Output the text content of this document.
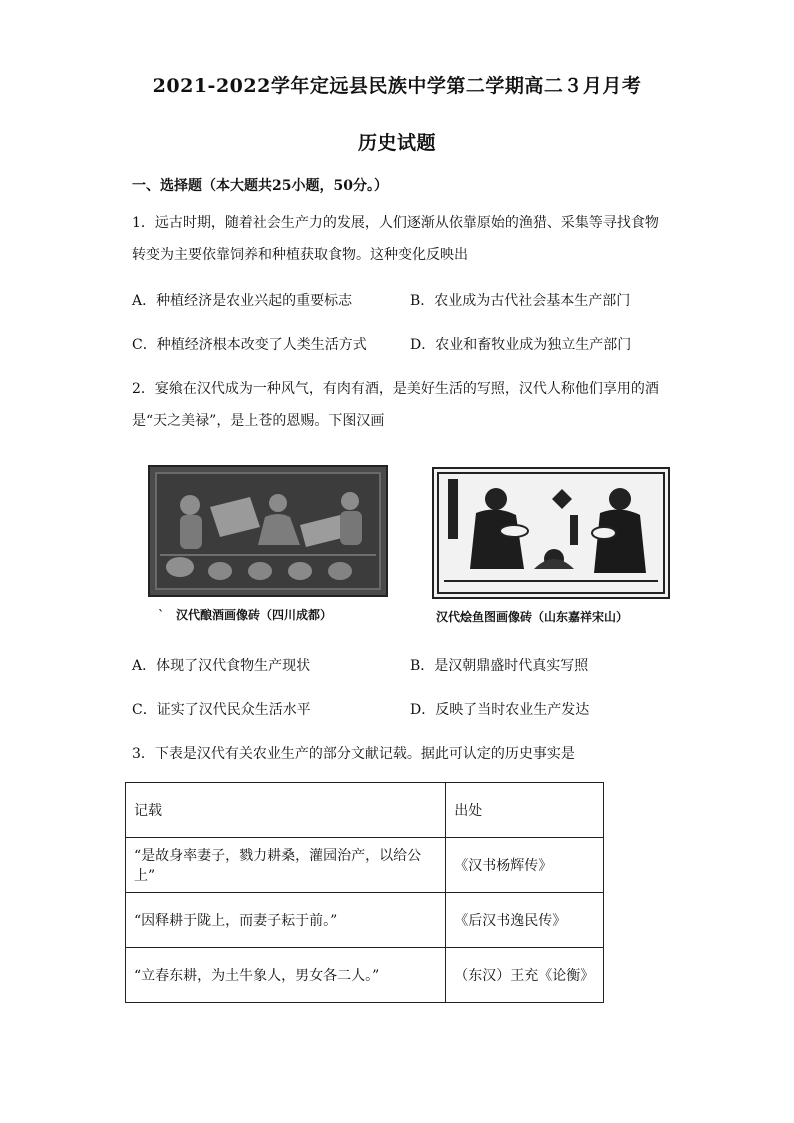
2021-2022学年定远县民族中学第二学期高二３月月考
历史试题
一、选择题（本大题共25小题，50分。）
1．远古时期，随着社会生产力的发展，人们逐渐从依靠原始的渔猎、采集等寻找食物
转变为主要依靠饲养和种植获取食物。这种变化反映出
A．种植经济是农业兴起的重要标志	B．农业成为古代社会基本生产部门
C．种植经济根本改变了人类生活方式	D．农业和畜牧业成为独立生产部门
2．宴飨在汉代成为一种风气，有肉有酒，是美好生活的写照，汉代人称他们享用的酒
是“天之美禄”，是上苍的恩赐。下图汉画
`　汉代酿酒画像砖（四川成都）	汉代烩鱼图画像砖（山东嘉祥宋山）
A．体现了汉代食物生产现状	B．是汉朝鼎盛时代真实写照
C．证实了汉代民众生活水平	D．反映了当时农业生产发达
3．下表是汉代有关农业生产的部分文献记载。据此可认定的历史事实是
记载	出处
“是故身率妻子，戮力耕桑，灌园治产，以给公上”	《汉书杨辉传》
“因释耕于陇上，而妻子耘于前。”	《后汉书逸民传》
“立春东耕，为土牛象人，男女各二人。”	（东汉）王充《论衡》
